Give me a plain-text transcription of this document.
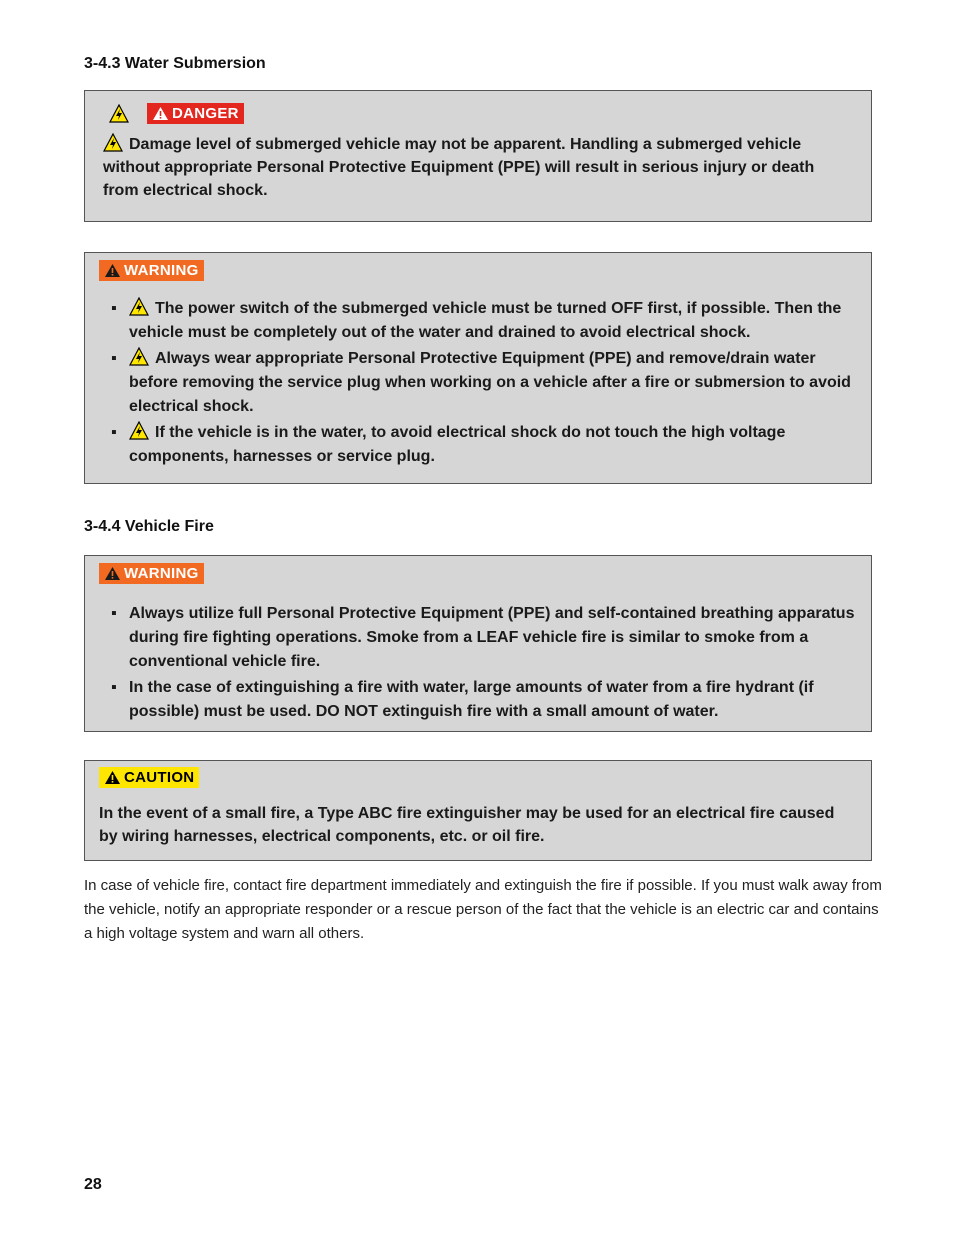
3-4.3 Water Submersion
DANGER
Damage level of submerged vehicle may not be apparent. Handling a submerged vehicle without appropriate Personal Protective Equipment (PPE) will result in serious injury or death from electrical shock.
WARNING
▪ The power switch of the submerged vehicle must be turned OFF first, if possible. Then the vehicle must be completely out of the water and drained to avoid electrical shock.
▪ Always wear appropriate Personal Protective Equipment (PPE) and remove/drain water before removing the service plug when working on a vehicle after a fire or submersion to avoid electrical shock.
▪ If the vehicle is in the water, to avoid electrical shock do not touch the high voltage components, harnesses or service plug.
3-4.4 Vehicle Fire
WARNING
▪ Always utilize full Personal Protective Equipment (PPE) and self-contained breathing apparatus during fire fighting operations. Smoke from a LEAF vehicle fire is similar to smoke from a conventional vehicle fire.
▪ In the case of extinguishing a fire with water, large amounts of water from a fire hydrant (if possible) must be used. DO NOT extinguish fire with a small amount of water.
CAUTION
In the event of a small fire, a Type ABC fire extinguisher may be used for an electrical fire caused by wiring harnesses, electrical components, etc. or oil fire.
In case of vehicle fire, contact fire department immediately and extinguish the fire if possible. If you must walk away from the vehicle, notify an appropriate responder or a rescue person of the fact that the vehicle is an electric car and contains a high voltage system and warn all others.
28
